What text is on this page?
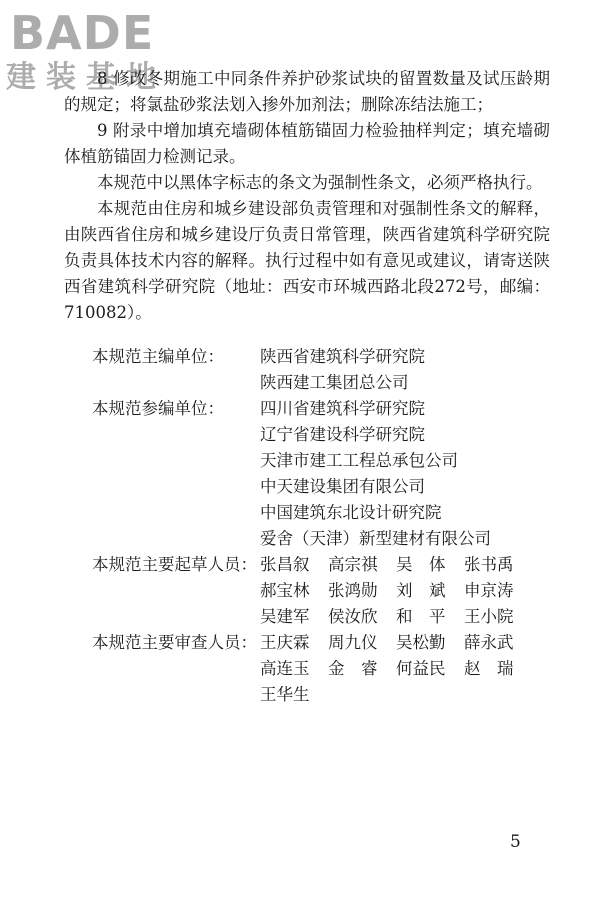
BADE
建装基地

8 修改冬期施工中同条件养护砂浆试块的留置数量及试压龄期的规定；将氯盐砂浆法划入掺外加剂法；删除冻结法施工；

9 附录中增加填充墙砌体植筋锚固力检验抽样判定；填充墙砌体植筋锚固力检测记录。

本规范中以黑体字标志的条文为强制性条文，必须严格执行。

本规范由住房和城乡建设部负责管理和对强制性条文的解释，由陕西省住房和城乡建设厅负责日常管理，陕西省建筑科学研究院负责具体技术内容的解释。执行过程中如有意见或建议，请寄送陕西省建筑科学研究院（地址：西安市环城西路北段272号，邮编：710082）。

本规范主编单位：	陕西省建筑科学研究院
陕西建工集团总公司
本规范参编单位：	四川省建筑科学研究院
辽宁省建设科学研究院
天津市建工工程总承包公司
中天建设集团有限公司
中国建筑东北设计研究院
爱舍（天津）新型建材有限公司
本规范主要起草人员： 张昌叙	高宗祺	吴　体	张书禹
郝宝林	张鸿勋	刘　斌	申京涛
吴建军	侯汝欣	和　平	王小院
本规范主要审查人员： 王庆霖	周九仪	吴松勤	薛永武
高连玉	金　睿	何益民	赵　瑞
王华生
5
